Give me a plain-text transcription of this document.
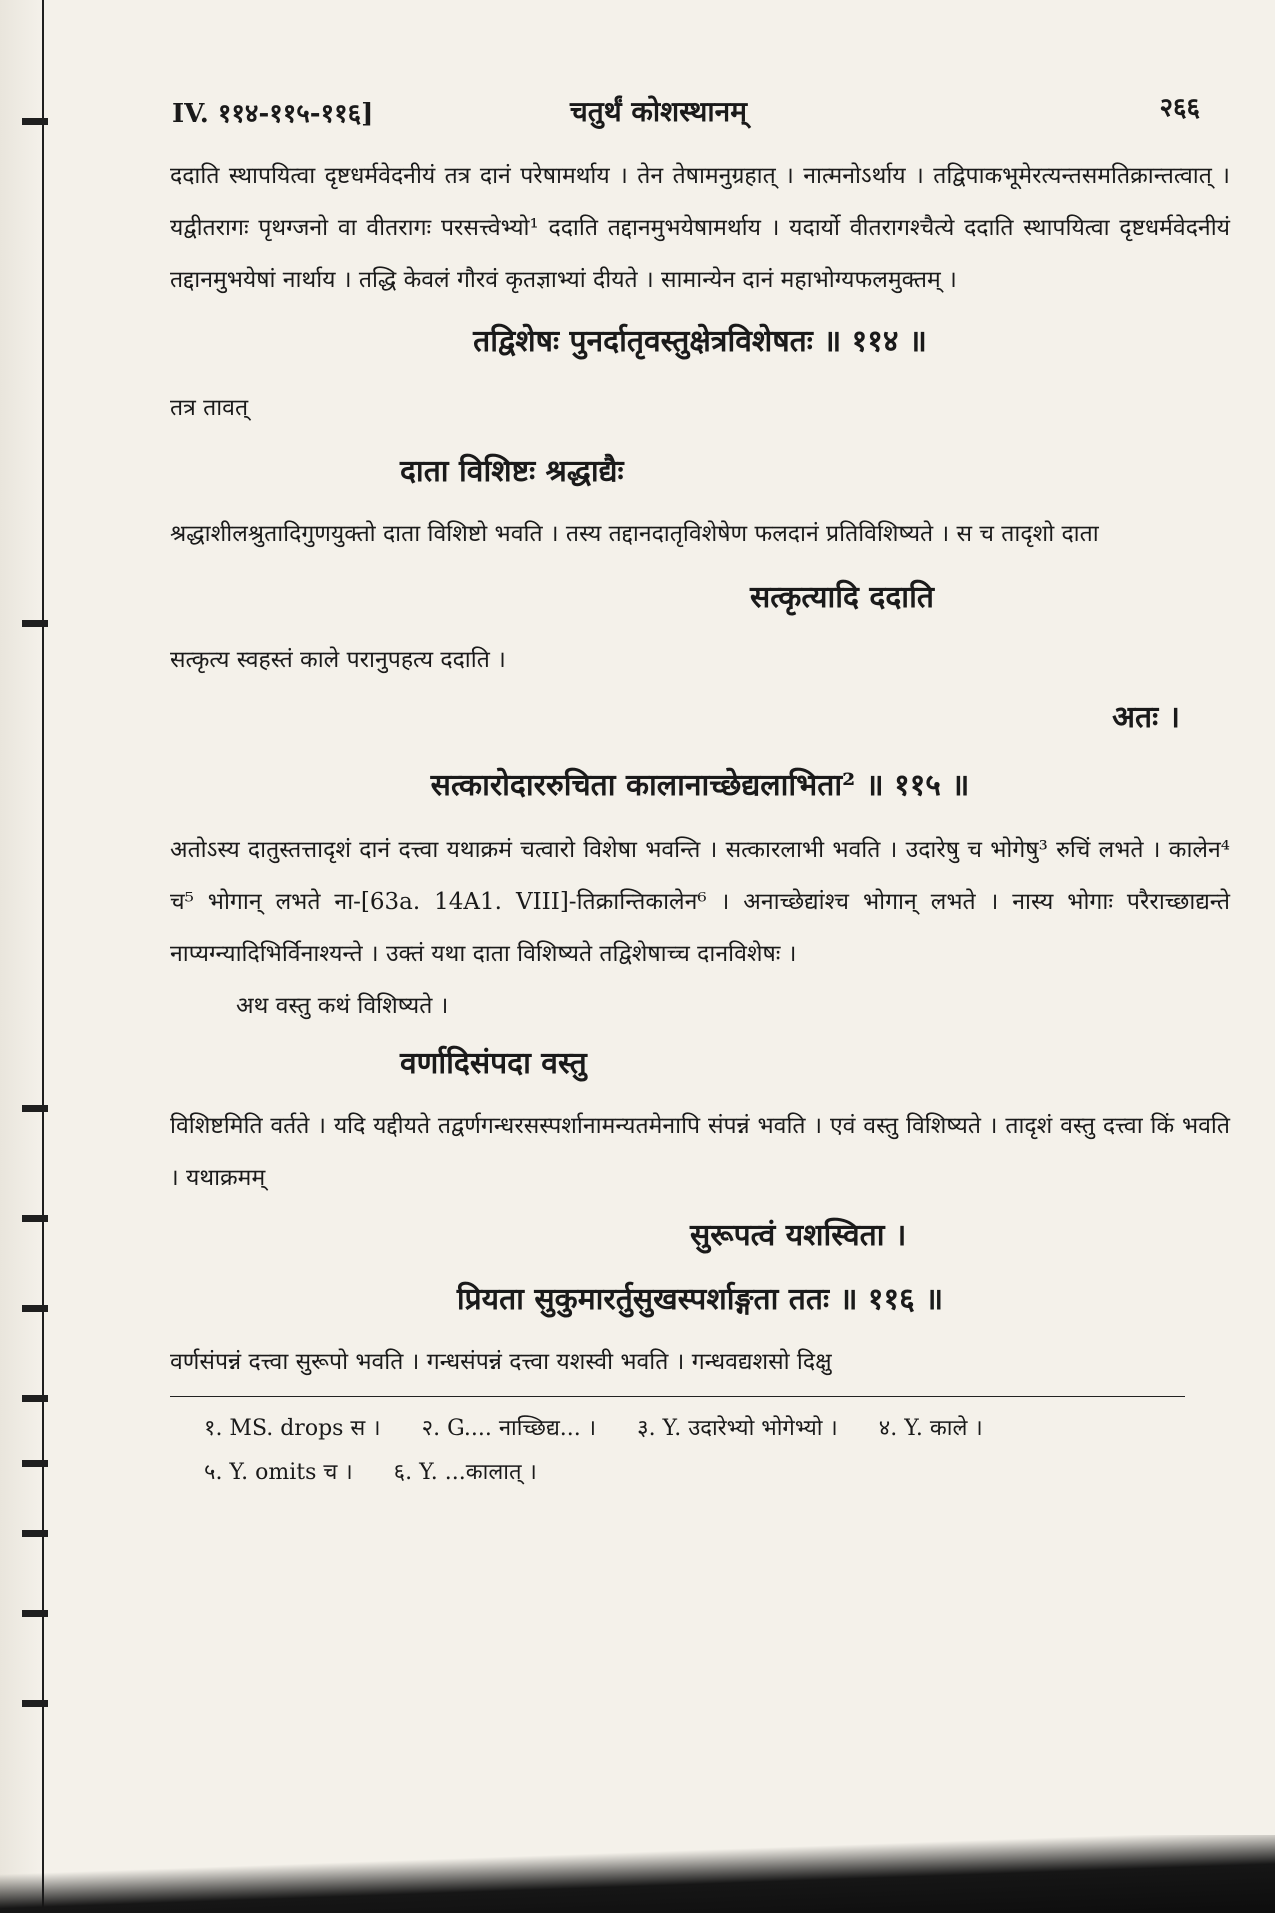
IV. ११४-११५-११६]	चतुर्थं कोशस्थानम्	२६६

ददाति स्थापयित्वा दृष्टधर्मवेदनीयं तत्र दानं परेषामर्थाय । तेन तेषामनुग्रहात् । नात्मनोऽर्थाय । तद्विपाकभूमेरत्यन्तसमतिक्रान्तत्वात् । यद्वीतरागः पृथग्जनो वा वीतरागः परसत्त्वेभ्यो¹ ददाति तद्दानमुभयेषामर्थाय । यदार्यो वीतरागश्चैत्ये ददाति स्थापयित्वा दृष्टधर्मवेदनीयं तद्दानमुभयेषां नार्थाय । तद्धि केवलं गौरवं कृतज्ञाभ्यां दीयते । सामान्येन दानं महाभोग्यफलमुक्तम् ।

तद्विशेषः पुनर्दातृवस्तुक्षेत्रविशेषतः ॥ ११४ ॥

तत्र तावत्

दाता विशिष्टः श्रद्धाद्यैः

श्रद्धाशीलश्रुतादिगुणयुक्तो दाता विशिष्टो भवति । तस्य तद्दानदातृविशेषेण फलदानं प्रतिविशिष्यते । स च तादृशो दाता

सत्कृत्यादि ददाति

सत्कृत्य स्वहस्तं काले परानुपहत्य ददाति ।

अतः ।
सत्कारोदाररुचिता कालानाच्छेद्यलाभिता² ॥ ११५ ॥

अतोऽस्य दातुस्तत्तादृशं दानं दत्त्वा यथाक्रमं चत्वारो विशेषा भवन्ति । सत्कारलाभी भवति । उदारेषु च भोगेषु³ रुचिं लभते । कालेन⁴ च⁵ भोगान् लभते ना-[63a. 14A1. VIII]-तिक्रान्तिकालेन⁶ । अनाच्छेद्यांश्च भोगान् लभते । नास्य भोगाः परैराच्छाद्यन्ते नाप्यग्न्यादिभिर्विनाश्यन्ते । उक्तं यथा दाता विशिष्यते तद्विशेषाच्च दानविशेषः ।

अथ वस्तु कथं विशिष्यते ।

वर्णादिसंपदा वस्तु

विशिष्टमिति वर्तते । यदि यद्दीयते तद्वर्णगन्धरसस्पर्शानामन्यतमेनापि संपन्नं भवति । एवं वस्तु विशिष्यते । तादृशं वस्तु दत्त्वा किं भवति । यथाक्रमम्

सुरूपत्वं यशस्विता ।
प्रियता सुकुमारर्तुसुखस्पर्शाङ्गता ततः ॥ ११६ ॥

वर्णसंपन्नं दत्त्वा सुरूपो भवति । गन्धसंपन्नं दत्त्वा यशस्वी भवति । गन्धवद्यशसो दिक्षु

१. MS. drops स । २. G.... नाच्छिद्य... । ३. Y. उदारेभ्यो भोगेभ्यो । ४. Y. काले ।
५. Y. omits च । ६. Y. ...कालात् ।
